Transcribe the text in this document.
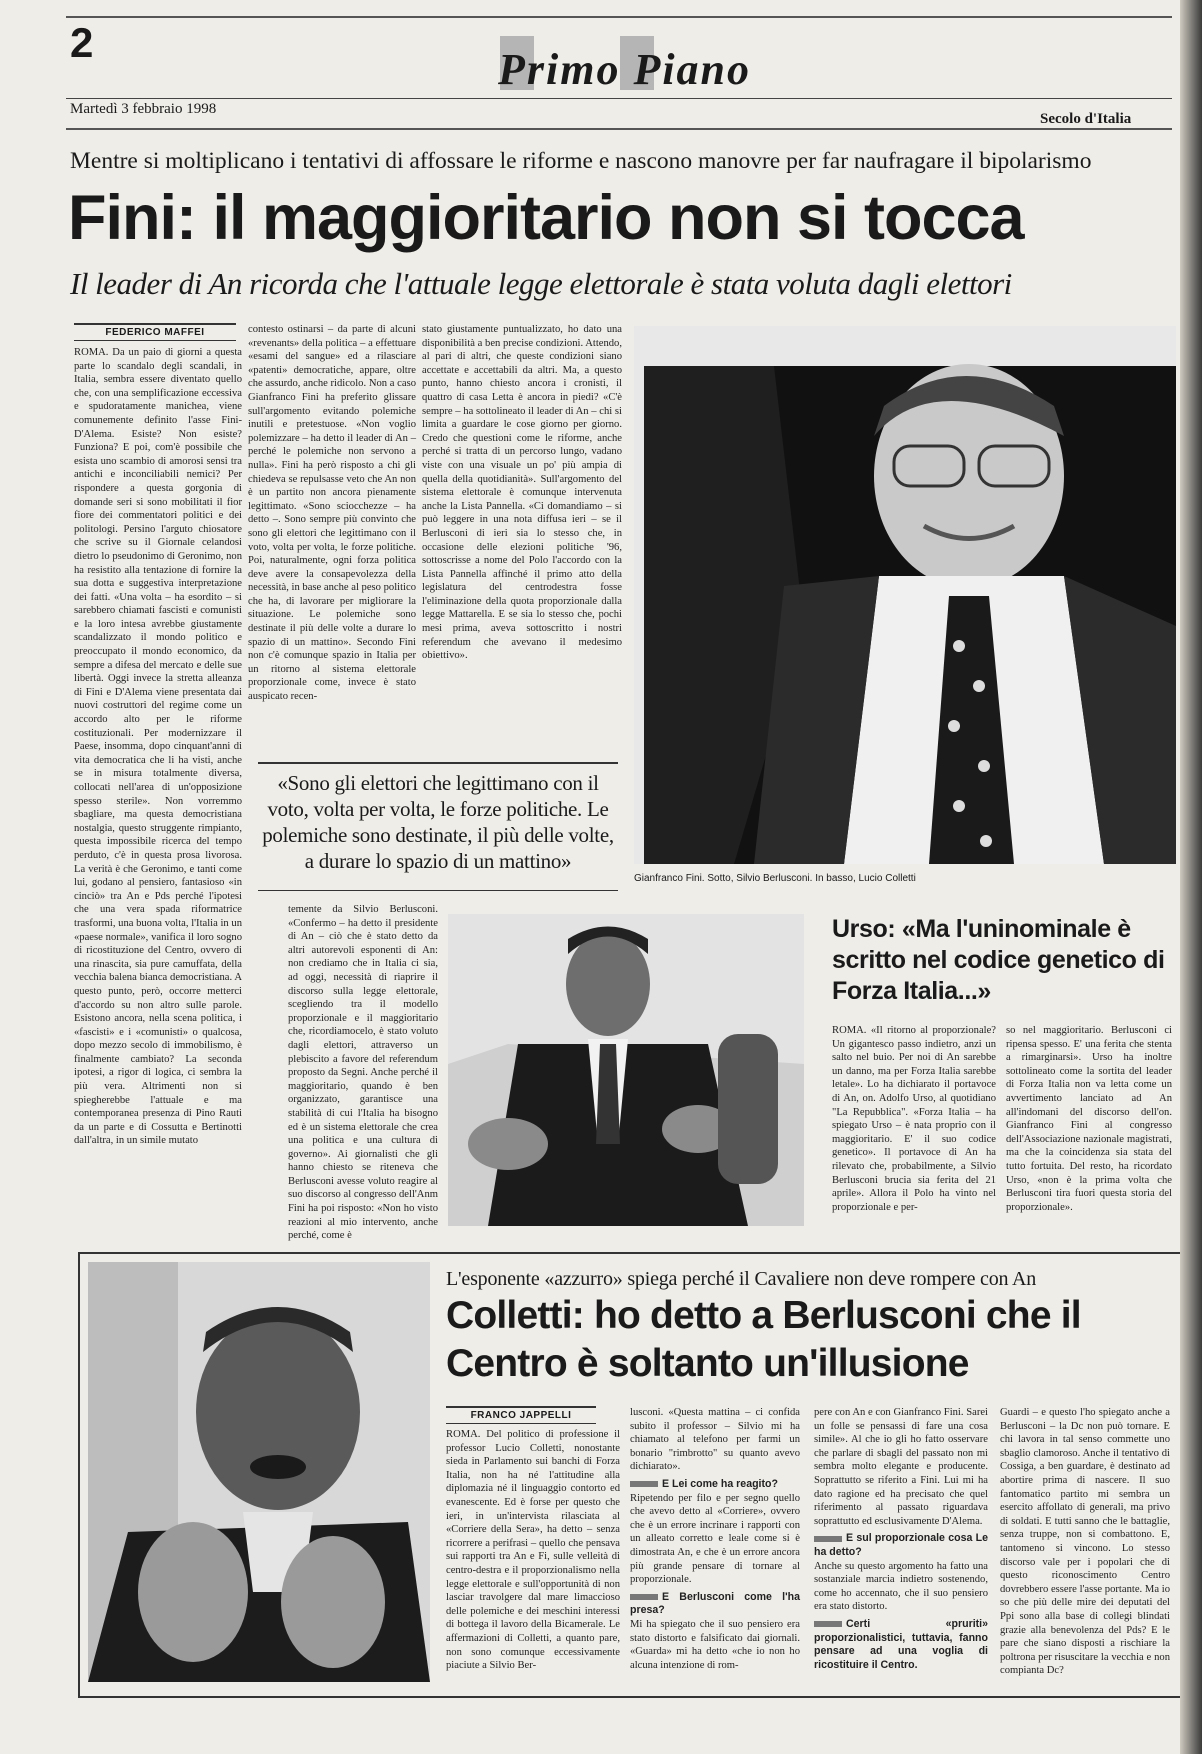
2
Primo Piano
Martedì 3 febbraio 1998
Secolo d'Italia
Mentre si moltiplicano i tentativi di affossare le riforme e nascono manovre per far naufragare il bipolarismo
Fini: il maggioritario non si tocca
Il leader di An ricorda che l'attuale legge elettorale è stata voluta dagli elettori
FEDERICO MAFFEI
ROMA. Da un paio di giorni a questa parte lo scandalo degli scandali, in Italia, sembra essere diventato quello che, con una semplificazione eccessiva e spudoratamente manichea, viene comunemente definito l'asse Fini-D'Alema. Esiste? Non esiste? Funziona? E poi, com'è possibile che esista uno scambio di amorosi sensi tra antichi e inconciliabili nemici? Per rispondere a questa gorgonia di domande seri si sono mobilitati il fior fiore dei commentatori politici e dei politologi. Persino l'arguto chiosatore che scrive su il Giornale celandosi dietro lo pseudonimo di Geronimo, non ha resistito alla tentazione di fornire la sua dotta e suggestiva interpretazione dei fatti. «Una volta – ha esordito – si sarebbero chiamati fascisti e comunisti e la loro intesa avrebbe giustamente scandalizzato il mondo politico e preoccupato il mondo economico, da sempre a difesa del mercato e delle sue libertà. Oggi invece la stretta alleanza di Fini e D'Alema viene presentata dai nuovi costruttori del regime come un accordo alto per le riforme costituzionali. Per modernizzare il Paese, insomma, dopo cinquant'anni di vita democratica che li ha visti, anche se in misura totalmente diversa, collocati nell'area di un'opposizione spesso sterile». Non vorremmo sbagliare, ma questa democristiana nostalgia, questo struggente rimpianto, questa impossibile ricerca del tempo perduto, c'è in questa prosa livorosa. La verità è che Geronimo, e tanti come lui, godano al pensiero, fantasioso «in cinciò» tra An e Pds perché l'ipotesi che una vera spada riformatrice trasformi, una buona volta, l'Italia in un «paese normale», vanifica il loro sogno di ricostituzione del Centro, ovvero di una rinascita, sia pure camuffata, della vecchia balena bianca democristiana. A questo punto, però, occorre metterci d'accordo su non altro sulle parole. Esistono ancora, nella scena politica, i «fascisti» e i «comunisti» o qualcosa, dopo mezzo secolo di immobilismo, è finalmente cambiato? La seconda ipotesi, a rigor di logica, ci sembra la più vera. Altrimenti non si spiegherebbe l'attuale e ma contemporanea presenza di Pino Rauti da un parte e di Cossutta e Bertinotti dall'altra, in un simile mutato
contesto ostinarsi – da parte di alcuni «revenants» della politica – a effettuare «esami del sangue» ed a rilasciare «patenti» democratiche, appare, oltre che assurdo, anche ridicolo. Non a caso Gianfranco Fini ha preferito glissare sull'argomento evitando polemiche inutili e pretestuose. «Non voglio polemizzare – ha detto il leader di An – perché le polemiche non servono a nulla». Fini ha però risposto a chi gli chiedeva se repulsasse veto che An non è un partito non ancora pienamente legittimato. «Sono sciocchezze – ha detto –. Sono sempre più convinto che sono gli elettori che legittimano con il voto, volta per volta, le forze politiche. Poi, naturalmente, ogni forza politica deve avere la consapevolezza della necessità, in base anche al peso politico che ha, di lavorare per migliorare la situazione. Le polemiche sono destinate il più delle volte a durare lo spazio di un mattino». Secondo Fini non c'è comunque spazio in Italia per un ritorno al sistema elettorale proporzionale come, invece è stato auspicato recen-
stato giustamente puntualizzato, ho dato una disponibilità a ben precise condizioni. Attendo, al pari di altri, che queste condizioni siano accettate e accettabili da altri. Ma, a questo punto, hanno chiesto ancora i cronisti, il quattro di casa Letta è ancora in piedi? «C'è sempre – ha sottolineato il leader di An – chi si limita a guardare le cose giorno per giorno. Credo che questioni come le riforme, anche perché si tratta di un percorso lungo, vadano viste con una visuale un po' più ampia di quella della quotidianità». Sull'argomento del sistema elettorale è comunque intervenuta anche la Lista Pannella. «Ci domandiamo – si può leggere in una nota diffusa ieri – se il Berlusconi di ieri sia lo stesso che, in occasione delle elezioni politiche '96, sottoscrisse a nome del Polo l'accordo con la Lista Pannella affinché il primo atto della legislatura del centrodestra fosse l'eliminazione della quota proporzionale dalla legge Mattarella. E se sia lo stesso che, pochi mesi prima, aveva sottoscritto i nostri referendum che avevano il medesimo obiettivo».
«Sono gli elettori che legittimano con il voto, volta per volta, le forze politiche. Le polemiche sono destinate, il più delle volte, a durare lo spazio di un mattino»
Gianfranco Fini. Sotto, Silvio Berlusconi. In basso, Lucio Colletti
temente da Silvio Berlusconi. «Confermo – ha detto il presidente di An – ciò che è stato detto da altri autorevoli esponenti di An: non crediamo che in Italia ci sia, ad oggi, necessità di riaprire il discorso sulla legge elettorale, scegliendo tra il modello proporzionale e il maggioritario che, ricordiamocelo, è stato voluto dagli elettori, attraverso un plebiscito a favore del referendum proposto da Segni. Anche perché il maggioritario, quando è ben organizzato, garantisce una stabilità di cui l'Italia ha bisogno ed è un sistema elettorale che crea una politica e una cultura di governo». Ai giornalisti che gli hanno chiesto se riteneva che Berlusconi avesse voluto reagire al suo discorso al congresso dell'Anm Fini ha poi risposto: «Non ho visto reazioni al mio intervento, anche perché, come è
Urso: «Ma l'uninominale è scritto nel codice genetico di Forza Italia...»
ROMA. «Il ritorno al proporzionale? Un gigantesco passo indietro, anzi un salto nel buio. Per noi di An sarebbe un danno, ma per Forza Italia sarebbe letale». Lo ha dichiarato il portavoce di An, on. Adolfo Urso, al quotidiano "La Repubblica". «Forza Italia – ha spiegato Urso – è nata proprio con il maggioritario. E' il suo codice genetico». Il portavoce di An ha rilevato che, probabilmente, a Silvio Berlusconi brucia sia ferita del 21 aprile». Allora il Polo ha vinto nel proporzionale e per-
so nel maggioritario. Berlusconi ci ripensa spesso. E' una ferita che stenta a rimarginarsi». Urso ha inoltre sottolineato come la sortita del leader di Forza Italia non va letta come un avvertimento lanciato ad An all'indomani del discorso dell'on. Gianfranco Fini al congresso dell'Associazione nazionale magistrati, ma che la coincidenza sia stata del tutto fortuita. Del resto, ha ricordato Urso, «non è la prima volta che Berlusconi tira fuori questa storia del proporzionale».
L'esponente «azzurro» spiega perché il Cavaliere non deve rompere con An
Colletti: ho detto a Berlusconi che il Centro è soltanto un'illusione
FRANCO JAPPELLI
ROMA. Del politico di professione il professor Lucio Colletti, nonostante sieda in Parlamento sui banchi di Forza Italia, non ha né l'attitudine alla diplomazia né il linguaggio contorto ed evanescente. Ed è forse per questo che ieri, in un'intervista rilasciata al «Corriere della Sera», ha detto – senza ricorrere a perifrasi – quello che pensava sui rapporti tra An e Fi, sulle velleità di centro-destra e il proporzionalismo nella legge elettorale e sull'opportunità di non lasciar travolgere dal mare limaccioso delle polemiche e dei meschini interessi di bottega il lavoro della Bicamerale. Le affermazioni di Colletti, a quanto pare, non sono comunque eccessivamente piaciute a Silvio Ber-
lusconi. «Questa mattina – ci confida subito il professor – Silvio mi ha chiamato al telefono per farmi un bonario "rimbrotto" su quanto avevo dichiarato».
E Lei come ha reagito?
Ripetendo per filo e per segno quello che avevo detto al «Corriere», ovvero che è un errore incrinare i rapporti con un alleato corretto e leale come si è dimostrata An, e che è un errore ancora più grande pensare di tornare al proporzionale.
E Berlusconi come l'ha presa?
Mi ha spiegato che il suo pensiero era stato distorto e falsificato dai giornali. «Guarda» mi ha detto «che io non ho alcuna intenzione di rom-
pere con An e con Gianfranco Fini. Sarei un folle se pensassi di fare una cosa simile». Al che io gli ho fatto osservare che parlare di sbagli del passato non mi sembra molto elegante e producente. Soprattutto se riferito a Fini. Lui mi ha dato ragione ed ha precisato che quel riferimento al passato riguardava soprattutto ed esclusivamente D'Alema.
E sul proporzionale cosa Le ha detto?
Anche su questo argomento ha fatto una sostanziale marcia indietro sostenendo, come ho accennato, che il suo pensiero era stato distorto.
Certi «pruriti» proporzionalistici, tuttavia, fanno pensare ad una voglia di ricostituire il Centro.
Guardi – e questo l'ho spiegato anche a Berlusconi – la Dc non può tornare. E chi lavora in tal senso commette uno sbaglio clamoroso. Anche il tentativo di Cossiga, a ben guardare, è destinato ad abortire prima di nascere. Il suo fantomatico partito mi sembra un esercito affollato di generali, ma privo di soldati. E tutti sanno che le battaglie, senza truppe, non si combattono. E, tantomeno si vincono. Lo stesso discorso vale per i popolari che di questo riconoscimento Centro dovrebbero essere l'asse portante. Ma io so che più delle mire dei deputati del Ppi sono alla base di collegi blindati grazie alla benevolenza del Pds? E le pare che siano disposti a rischiare la poltrona per risuscitare la vecchia e non compianta Dc?
